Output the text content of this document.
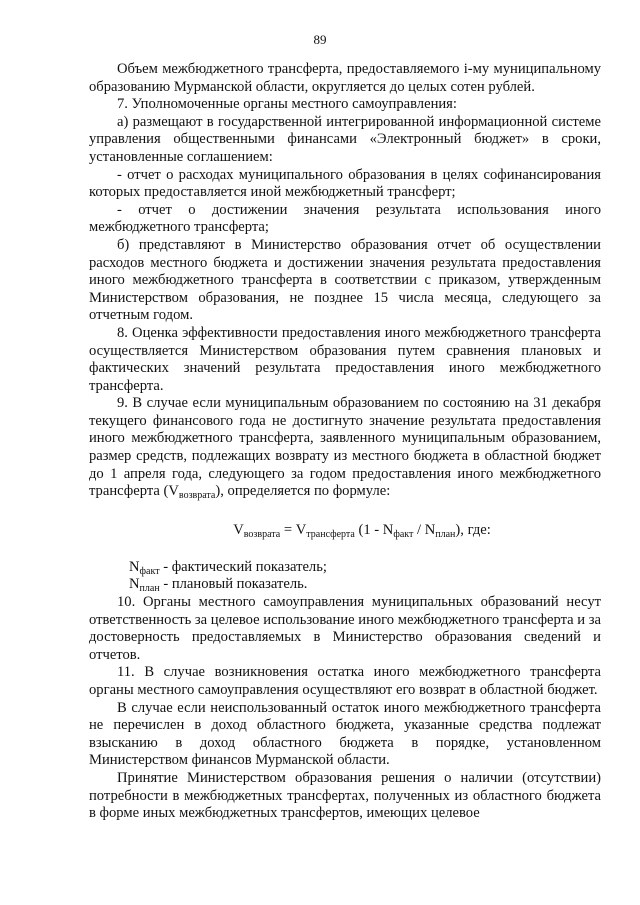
89

Объем межбюджетного трансферта, предоставляемого i-му муниципальному образованию Мурманской области, округляется до целых сотен рублей.

7. Уполномоченные органы местного самоуправления:

а) размещают в государственной интегрированной информационной системе управления общественными финансами «Электронный бюджет» в сроки, установленные соглашением:

- отчет о расходах муниципального образования в целях софинансирования которых предоставляется иной межбюджетный трансферт;

- отчет о достижении значения результата использования иного межбюджетного трансферта;

б) представляют в Министерство образования отчет об осуществлении расходов местного бюджета и достижении значения результата предоставления иного межбюджетного трансферта в соответствии с приказом, утвержденным Министерством образования, не позднее 15 числа месяца, следующего за отчетным годом.

8. Оценка эффективности предоставления иного межбюджетного трансферта осуществляется Министерством образования путем сравнения плановых и фактических значений результата предоставления иного межбюджетного трансферта.

9. В случае если муниципальным образованием по состоянию на 31 декабря текущего финансового года не достигнуто значение результата предоставления иного межбюджетного трансферта, заявленного муниципальным образованием, размер средств, подлежащих возврату из местного бюджета в областной бюджет до 1 апреля года, следующего за годом предоставления иного межбюджетного трансферта $(V_{возврата})$, определяется по формуле:

$V_{возврата} = V_{трансферта}$ $(1 - N_{факт} / N_{план})$, где:

$N_{факт}$ - фактический показатель;

$N_{план}$ - плановый показатель.

10. Органы местного самоуправления муниципальных образований несут ответственность за целевое использование иного межбюджетного трансферта и за достоверность предоставляемых в Министерство образования сведений и отчетов.

11. В случае возникновения остатка иного межбюджетного трансферта органы местного самоуправления осуществляют его возврат в областной бюджет.

В случае если неиспользованный остаток иного межбюджетного трансферта не перечислен в доход областного бюджета, указанные средства подлежат взысканию в доход областного бюджета в порядке, установленном Министерством финансов Мурманской области.

Принятие Министерством образования решения о наличии (отсутствии) потребности в межбюджетных трансфертах, полученных из областного бюджета в форме иных межбюджетных трансфертов, имеющих целевое
